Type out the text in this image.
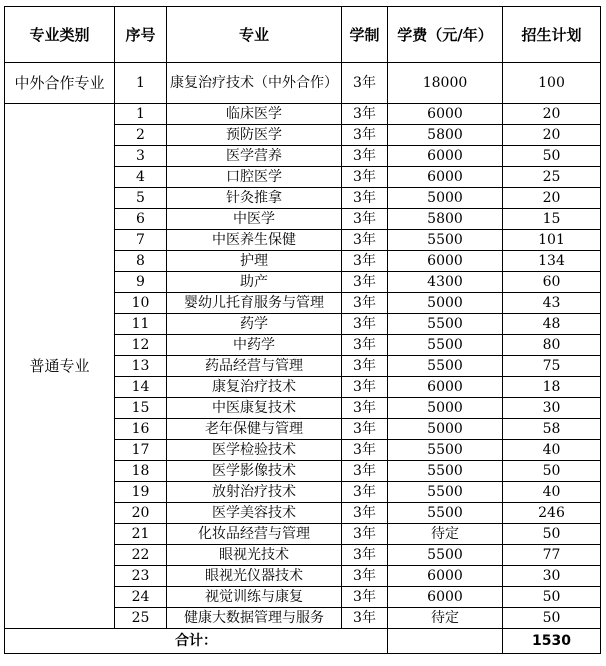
专业类别	序号	专业	学制	学费（元/年）	招生计划
中外合作专业	1	康复治疗技术（中外合作）	3年	18000	100
普通专业	1	临床医学	3年	6000	20
	2	预防医学	3年	5800	20
	3	医学营养	3年	6000	50
	4	口腔医学	3年	6000	25
	5	针灸推拿	3年	5000	20
	6	中医学	3年	5800	15
	7	中医养生保健	3年	5500	101
	8	护理	3年	6000	134
	9	助产	3年	4300	60
	10	婴幼儿托育服务与管理	3年	5000	43
	11	药学	3年	5500	48
	12	中药学	3年	5500	80
	13	药品经营与管理	3年	5500	75
	14	康复治疗技术	3年	6000	18
	15	中医康复技术	3年	5000	30
	16	老年保健与管理	3年	5000	58
	17	医学检验技术	3年	5500	40
	18	医学影像技术	3年	5500	50
	19	放射治疗技术	3年	5500	40
	20	医学美容技术	3年	5500	246
	21	化妆品经营与管理	3年	待定	50
	22	眼视光技术	3年	5500	77
	23	眼视光仪器技术	3年	6000	30
	24	视觉训练与康复	3年	6000	50
	25	健康大数据管理与服务	3年	待定	50
合计：					1530
